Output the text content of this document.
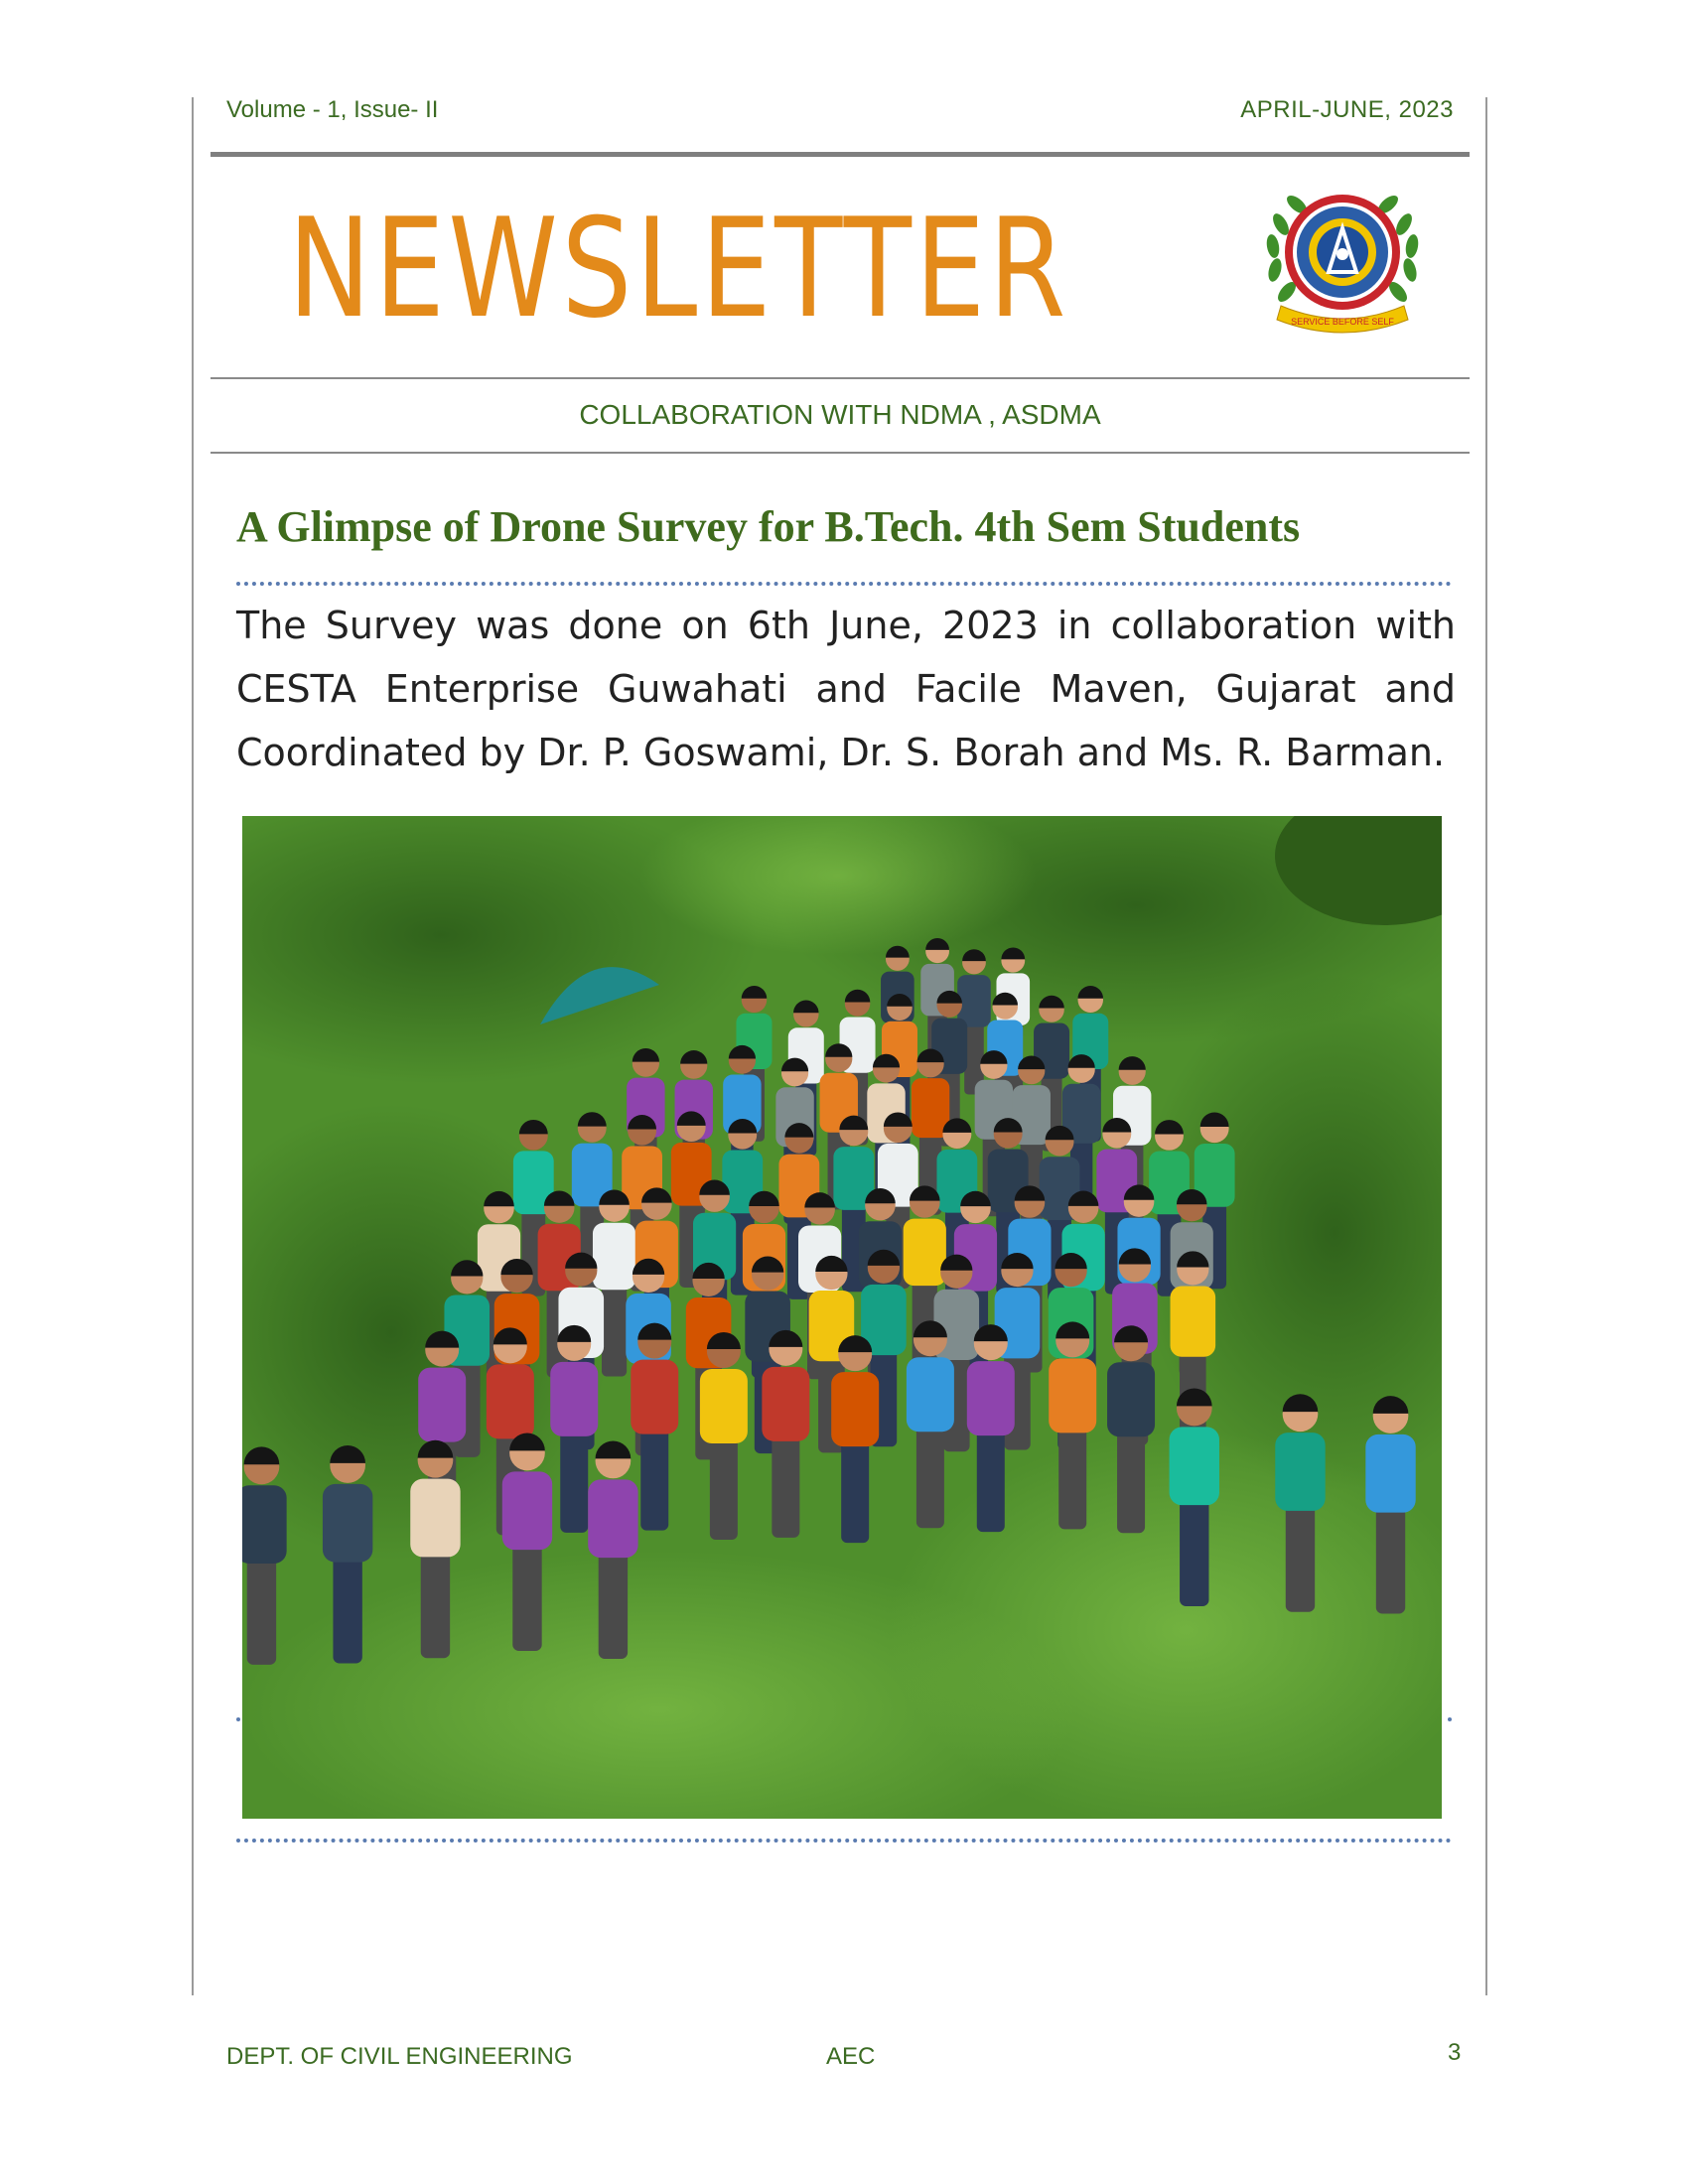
Volume - 1, Issue- II	APRIL-JUNE, 2023
NEWSLETTER	SERVICE BEFORE SELF
COLLABORATION WITH NDMA , ASDMA
A Glimpse of Drone Survey for B.Tech. 4th Sem Students
The Survey was done on 6th June, 2023 in collaboration with CESTA Enterprise Guwahati and Facile Maven, Gujarat and Coordinated by Dr. P. Goswami, Dr. S. Borah and Ms. R. Barman.
DEPT. OF CIVIL ENGINEERING	AEC	3
